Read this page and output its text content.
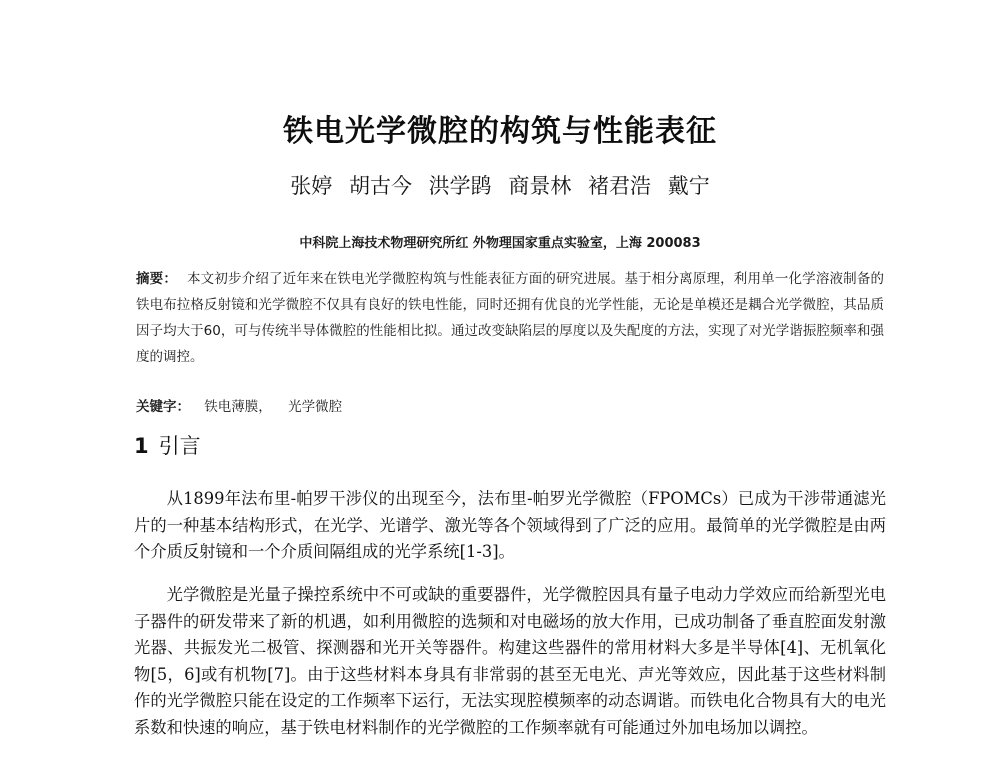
铁电光学微腔的构筑与性能表征
张婷 胡古今 洪学鹍 商景林 褚君浩 戴宁
中科院上海技术物理研究所红 外物理国家重点实验室，上海 200083
摘要： 本文初步介绍了近年来在铁电光学微腔构筑与性能表征方面的研究进展。基于相分离原理，利用单一化学溶液制备的铁电布拉格反射镜和光学微腔不仅具有良好的铁电性能，同时还拥有优良的光学性能，无论是单模还是耦合光学微腔，其品质因子均大于60，可与传统半导体微腔的性能相比拟。通过改变缺陷层的厚度以及失配度的方法，实现了对光学谐振腔频率和强度的调控。
关键字： 铁电薄膜， 光学微腔
1 引言

从1899年法布里-帕罗干涉仪的出现至今，法布里-帕罗光学微腔（FPOMCs）已成为干涉带通滤光片的一种基本结构形式，在光学、光谱学、激光等各个领域得到了广泛的应用。最简单的光学微腔是由两个介质反射镜和一个介质间隔组成的光学系统[1-3]。

光学微腔是光量子操控系统中不可或缺的重要器件，光学微腔因具有量子电动力学效应而给新型光电子器件的研发带来了新的机遇，如利用微腔的选频和对电磁场的放大作用，已成功制备了垂直腔面发射激光器、共振发光二极管、探测器和光开关等器件。构建这些器件的常用材料大多是半导体[4]、无机氧化物[5，6]或有机物[7]。由于这些材料本身具有非常弱的甚至无电光、声光等效应，因此基于这些材料制作的光学微腔只能在设定的工作频率下运行，无法实现腔模频率的动态调谐。而铁电化合物具有大的电光系数和快速的响应，基于铁电材料制作的光学微腔的工作频率就有可能通过外加电场加以调控。
